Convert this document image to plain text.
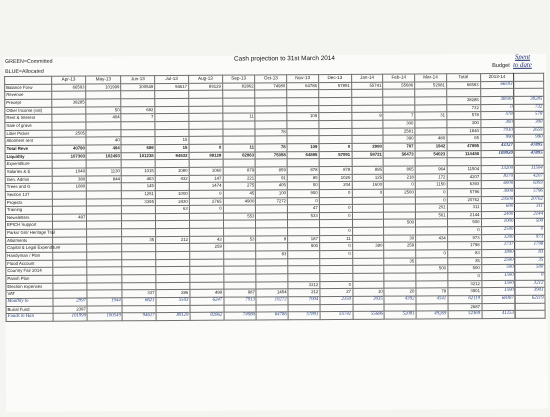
GREEN=Committed
BLUE=Allocated
Cash projection to 31st March 2014
Budget
Spent
to date
	Apr-13	May-13	Jun-13	Jul-13	Aug-13	Sep-13	Oct-13	Nov-13	Dec-13	Jan-14	Feb-14	Mar-14	Total	2013-14	
Balance Forw	66593	101999	100549	94617	89129	82862	74980	64786	57891	55741	55686	52081	66593	66593	
Revenue															
Precept	38285												38285	38500	38285
Other Income (vat)		50	682										732	0	732
Rent & Interest		404	7			11		109		9	7	31	578	578	578
Sale of grave											300		300	300	300
Litter Picker	2505						78				2581		1840	7010	2659
Allotment rent		40		15							390	480	65	990	990
Total Reve	40790	494	689	15	0	11	78	109	0	2980	787	1942	47895	43327	47895
Liquidity	107383	102493	101238	94632	89129	82863	75058	64895	57891	58721	56473	54023	114488	109920	47895
Expenditure															
Salaries & E	1040	1130	1015	1080	1060	879	859	878	878	885	865	964	11504	13200	11504
Gen. Admin	380	844	463	432	147	221	91	85	1026	125	218	172	4207	8170	4207
Trees and G	1080		145		1474	275	405	50	204	1600	0	1150	6393	6000	6393
Section 137			1251	1000	0	45	100	900	0	0	2500	0	5796	3000	5796
Projects			3395	2430	2765	4900	7272	0				0	20762	23500	20762
Training				63	0			47	0			201	311	600	311
Newsletters	497					553		533	0			561	2144	2400	2144
EPICH Support											500		500	1000	500
Parks/ Grit/ Heritage Trail									0				0	2500	0
Allotments			35	212	43	53	8	187	11		30	434	973	1200	973
Capital & Legal Expenditure					259			900	0	380	259		1798	1737	1798
Handyman / Plan							83		0			0	83	1800	83
Flood Account											35		35	2500	35
Country Fair 2014												500	500	500	500
Parish Plan													0	1500	0
Election expenses								3212	0				3212	1500	3212
VAT			337	286	499	987	1454	212	27	10	20	78	3901	1500	3901
Monthly to	2997	1944	6621	5503	6247	7913	10272	7004	2150	3035	4392	4541	62119	68387	62119
Burial Fund	2387												2687		
Funds in Han	101999	100549	94617	89129	82862	74980	64786	57891	55741	55686	52081	49269	52369	41253	
